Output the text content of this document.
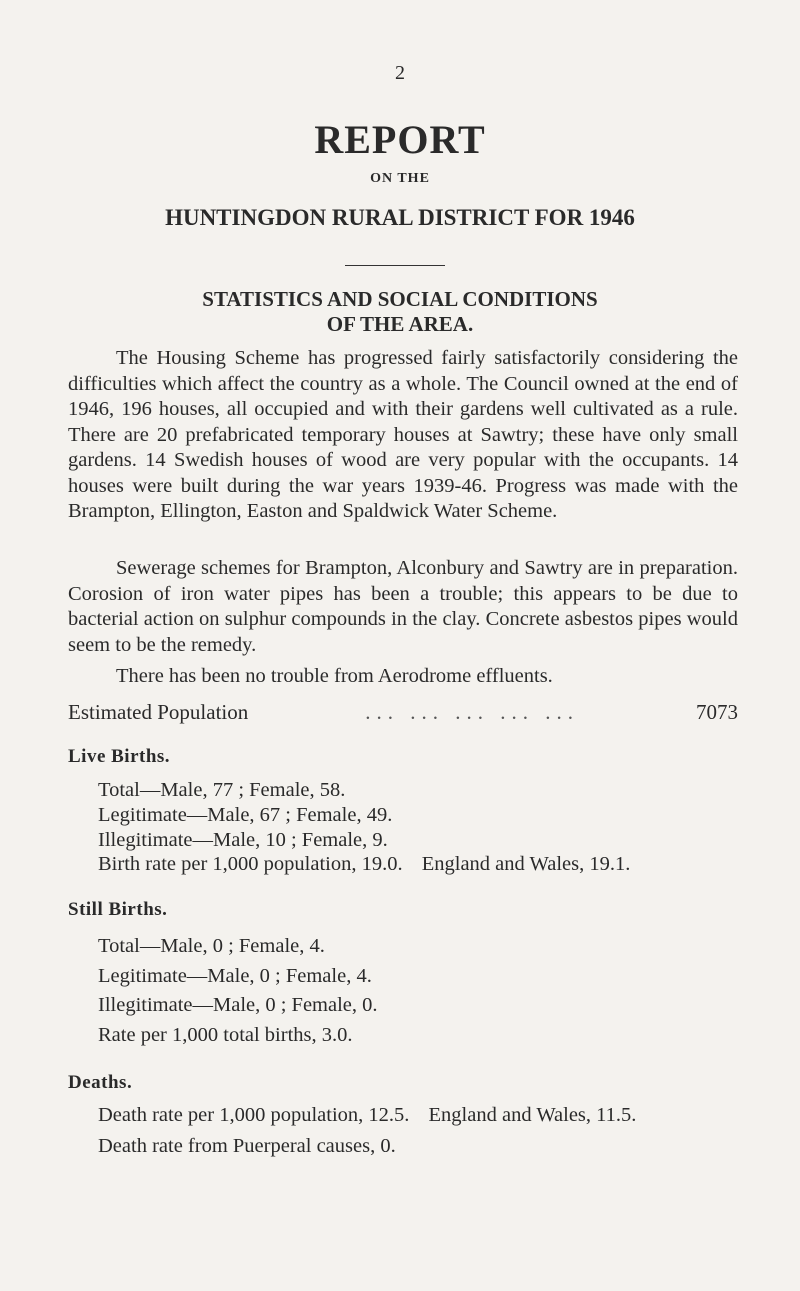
2
REPORT
ON THE
HUNTINGDON RURAL DISTRICT FOR 1946
STATISTICS AND SOCIAL CONDITIONS
OF THE AREA.

The Housing Scheme has progressed fairly satisfactorily considering the difficulties which affect the country as a whole. The Council owned at the end of 1946, 196 houses, all occupied and with their gardens well cultivated as a rule. There are 20 prefabricated temporary houses at Sawtry; these have only small gardens. 14 Swedish houses of wood are very popular with the occupants. 14 houses were built during the war years 1939-46. Progress was made with the Brampton, Ellington, Easton and Spaldwick Water Scheme.

Sewerage schemes for Brampton, Alconbury and Sawtry are in preparation. Corosion of iron water pipes has been a trouble; this appears to be due to bacterial action on sulphur compounds in the clay. Concrete asbestos pipes would seem to be the remedy.

There has been no trouble from Aerodrome effluents.

Estimated Population	... ... ... ... ...	7073
Live Births.
Total—Male, 77 ; Female, 58.
Legitimate—Male, 67 ; Female, 49.
Illegitimate—Male, 10 ; Female, 9.
Birth rate per 1,000 population, 19.0. England and Wales, 19.1.
Still Births.
Total—Male, 0 ; Female, 4.
Legitimate—Male, 0 ; Female, 4.
Illegitimate—Male, 0 ; Female, 0.
Rate per 1,000 total births, 3.0.
Deaths.
Death rate per 1,000 population, 12.5. England and Wales, 11.5.
Death rate from Puerperal causes, 0.
